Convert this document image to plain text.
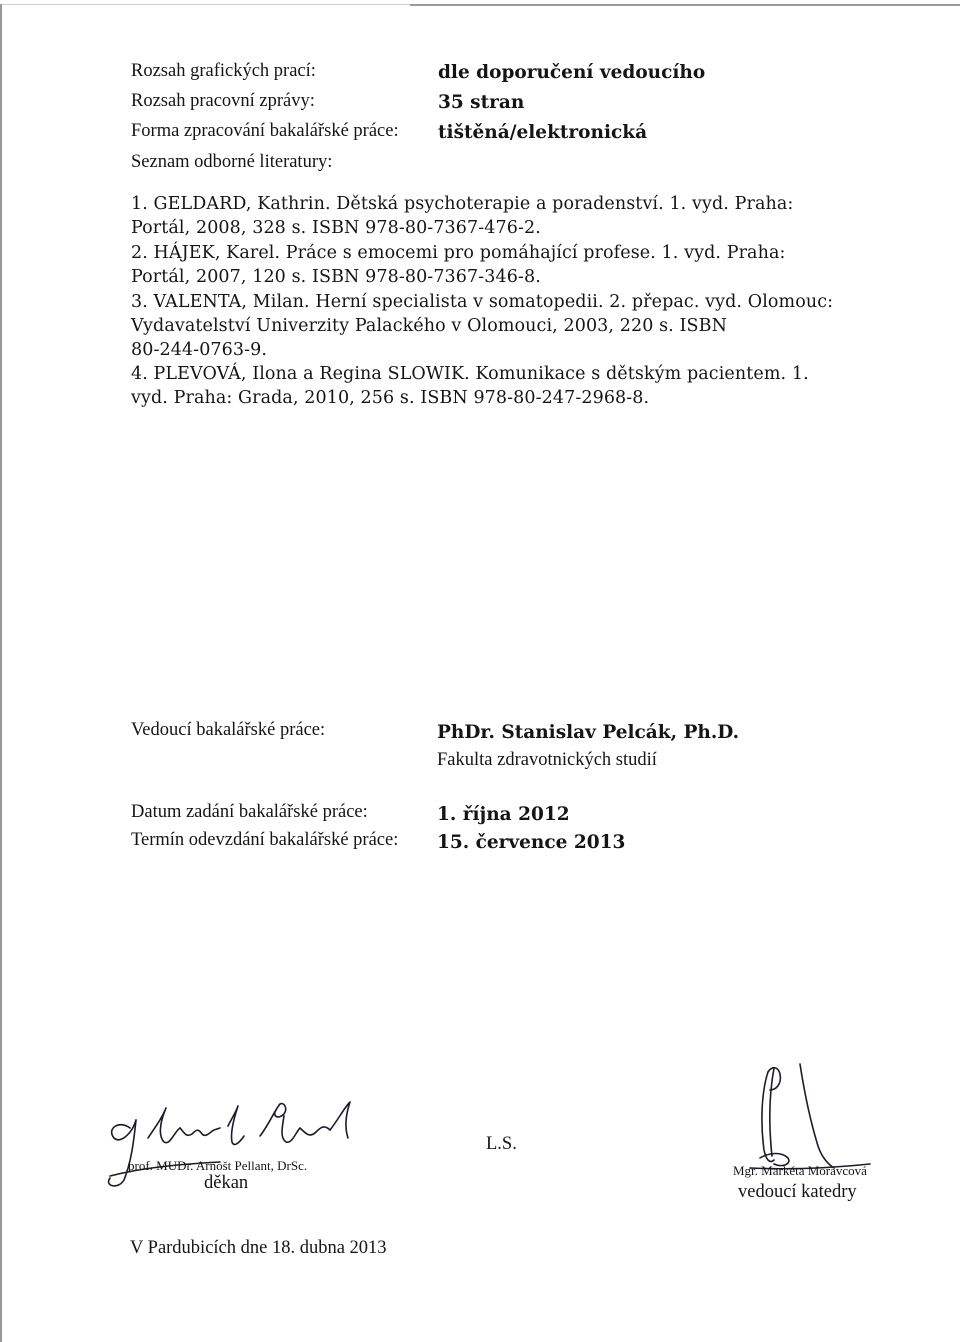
Rozsah grafických prací:	dle doporučení vedoucího
Rozsah pracovní zprávy:	35 stran
Forma zpracování bakalářské práce: tištěná/elektronická
Seznam odborné literatury:
1. GELDARD, Kathrin. Dětská psychoterapie a poradenství. 1. vyd. Praha:
Portál, 2008, 328 s. ISBN 978-80-7367-476-2.
2. HÁJEK, Karel. Práce s emocemi pro pomáhající profese. 1. vyd. Praha:
Portál, 2007, 120 s. ISBN 978-80-7367-346-8.
3. VALENTA, Milan. Herní specialista v somatopedii. 2. přepac. vyd. Olomouc:
Vydavatelství Univerzity Palackého v Olomouci, 2003, 220 s. ISBN
80-244-0763-9.
4. PLEVOVÁ, Ilona a Regina SLOWIK. Komunikace s dětským pacientem. 1.
vyd. Praha: Grada, 2010, 256 s. ISBN 978-80-247-2968-8.
Vedoucí bakalářské práce:	PhDr. Stanislav Pelcák, Ph.D.
Fakulta zdravotnických studií
Datum zadání bakalářské práce:	1. října 2012
Termín odevzdání bakalářské práce: 15. července 2013
prof. MUDr. Arnošt Pellant, DrSc.
děkan
L.S.
Mgr. Markéta Moravcová
vedoucí katedry
V Pardubicích dne 18. dubna 2013
